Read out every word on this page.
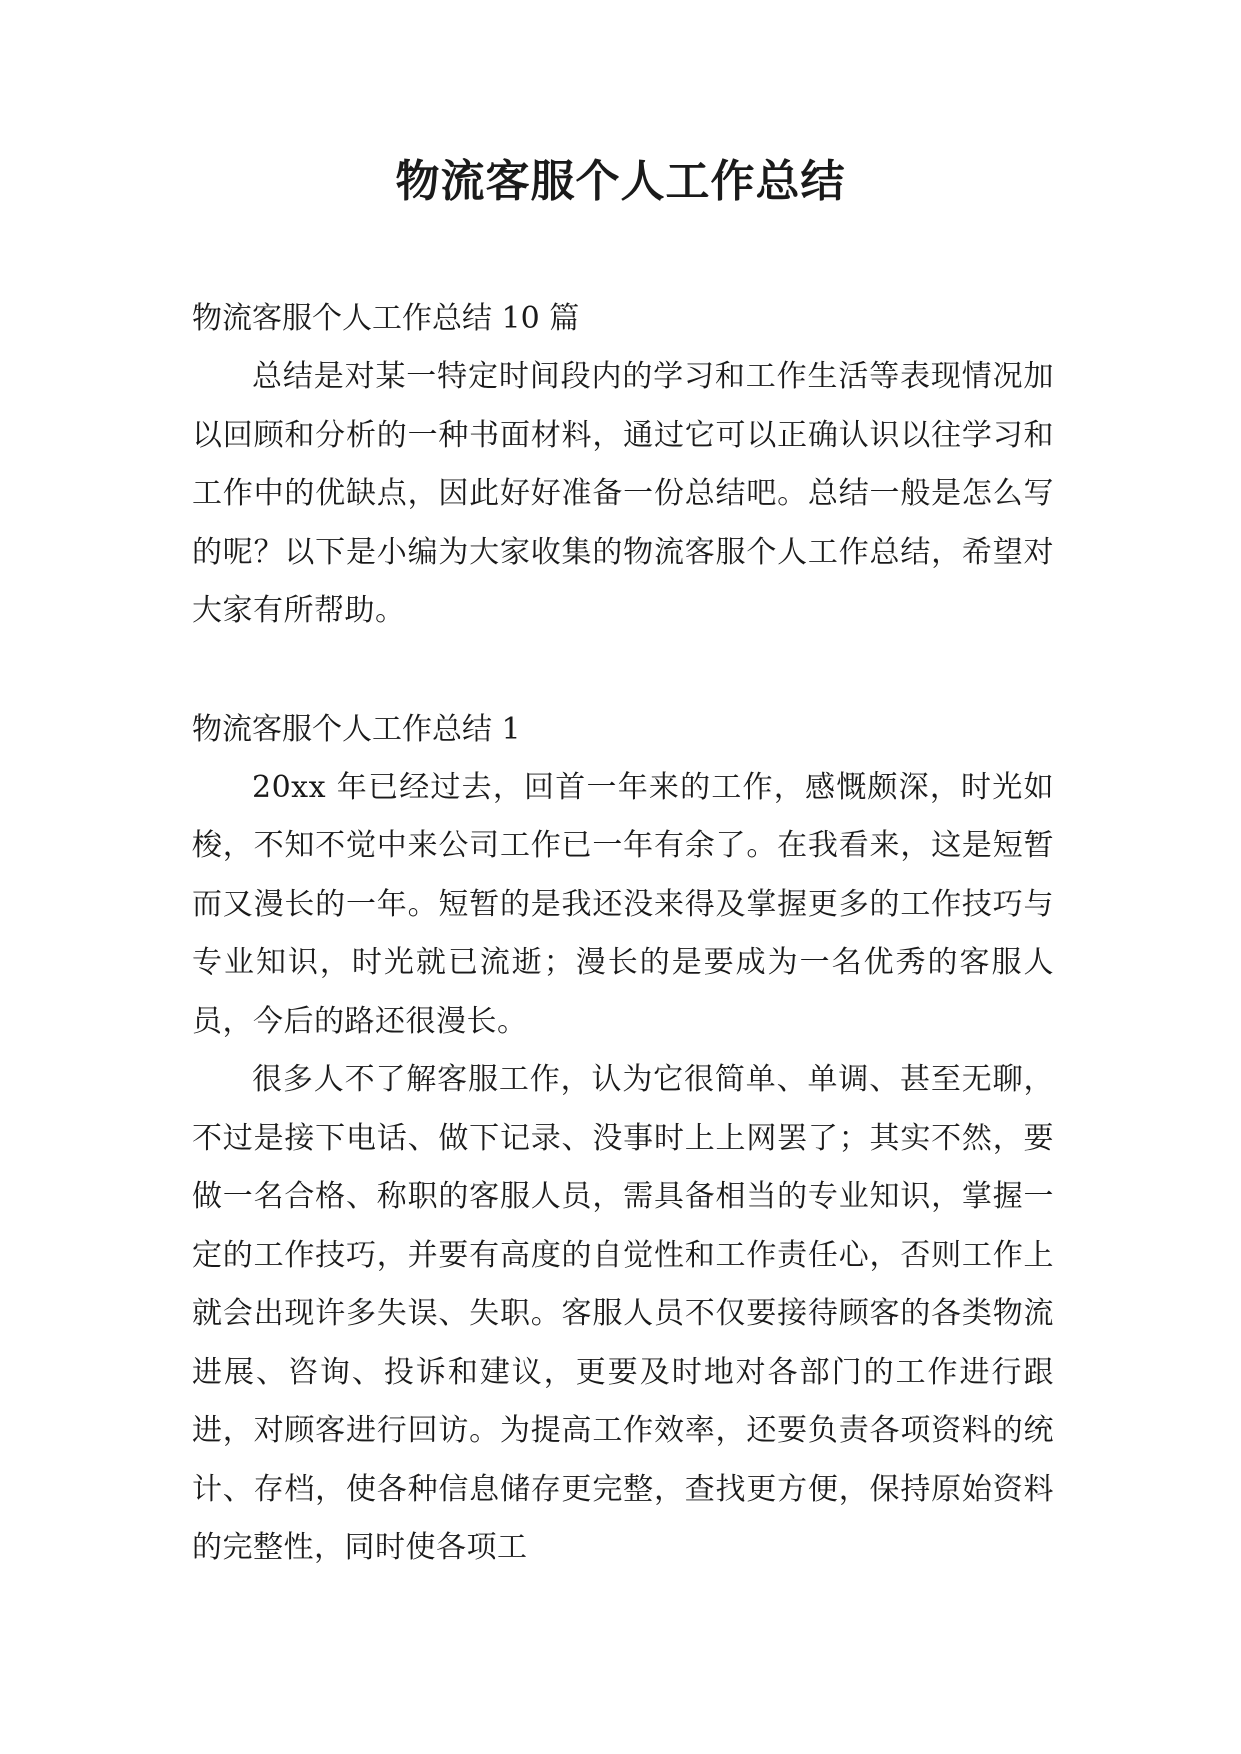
物流客服个人工作总结

物流客服个人工作总结 10 篇

总结是对某一特定时间段内的学习和工作生活等表现情况加以回顾和分析的一种书面材料，通过它可以正确认识以往学习和工作中的优缺点，因此好好准备一份总结吧。总结一般是怎么写的呢？以下是小编为大家收集的物流客服个人工作总结，希望对大家有所帮助。

物流客服个人工作总结 1

20xx 年已经过去，回首一年来的工作，感慨颇深，时光如梭，不知不觉中来公司工作已一年有余了。在我看来，这是短暂而又漫长的一年。短暂的是我还没来得及掌握更多的工作技巧与专业知识，时光就已流逝；漫长的是要成为一名优秀的客服人员，今后的路还很漫长。

很多人不了解客服工作，认为它很简单、单调、甚至无聊，不过是接下电话、做下记录、没事时上上网罢了；其实不然，要做一名合格、称职的客服人员，需具备相当的专业知识，掌握一定的工作技巧，并要有高度的自觉性和工作责任心，否则工作上就会出现许多失误、失职。客服人员不仅要接待顾客的各类物流进展、咨询、投诉和建议，更要及时地对各部门的工作进行跟进，对顾客进行回访。为提高工作效率，还要负责各项资料的统计、存档，使各种信息储存更完整，查找更方便，保持原始资料的完整性，同时使各项工
